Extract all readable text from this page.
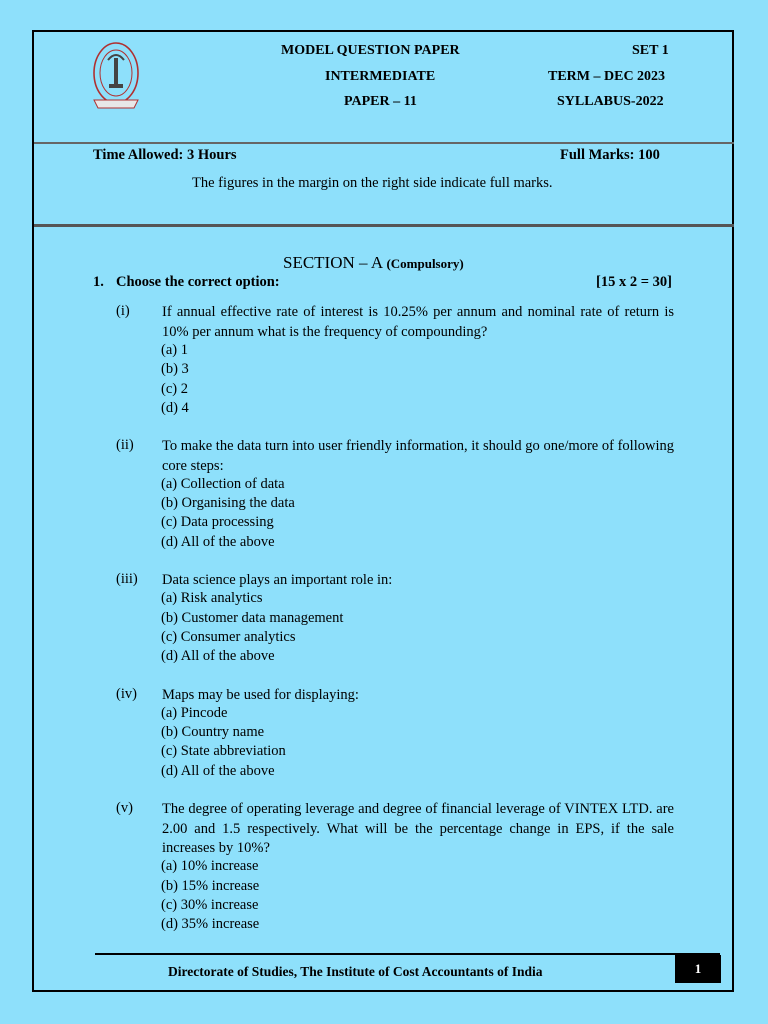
MODEL QUESTION PAPER
INTERMEDIATE
PAPER – 11
SET 1
TERM – DEC 2023
SYLLABUS-2022
Time Allowed: 3 Hours	Full Marks: 100
The figures in the margin on the right side indicate full marks.
SECTION – A (Compulsory)
1. Choose the correct option:	[15 x 2 = 30]
(i) If annual effective rate of interest is 10.25% per annum and nominal rate of return is 10% per annum what is the frequency of compounding?
(a) 1
(b) 3
(c) 2
(d) 4
(ii) To make the data turn into user friendly information, it should go one/more of following core steps:
(a) Collection of data
(b) Organising the data
(c) Data processing
(d) All of the above
(iii) Data science plays an important role in:
(a) Risk analytics
(b) Customer data management
(c) Consumer analytics
(d) All of the above
(iv) Maps may be used for displaying:
(a) Pincode
(b) Country name
(c) State abbreviation
(d) All of the above
(v) The degree of operating leverage and degree of financial leverage of VINTEX LTD. are 2.00 and 1.5 respectively. What will be the percentage change in EPS, if the sale increases by 10%?
(a) 10% increase
(b) 15% increase
(c) 30% increase
(d) 35% increase
Directorate of Studies, The Institute of Cost Accountants of India	1
